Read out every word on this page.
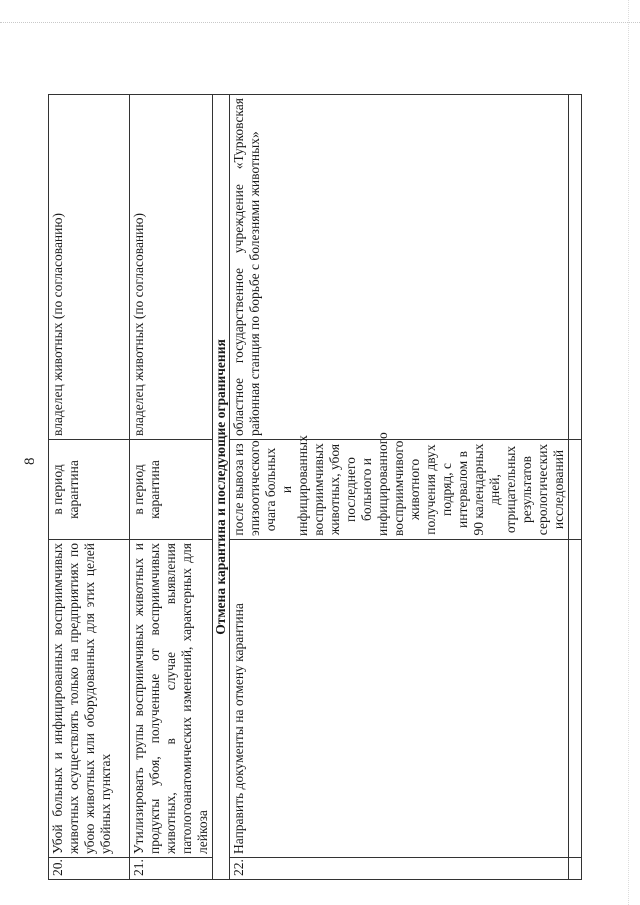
8
20.	Убой больных и инфицированных восприимчивых животных осуществлять только на предприятиях по убою животных или оборудованных для этих целей убойных пунктах	в период карантина	владелец животных (по согласованию)
21.	Утилизировать трупы восприимчивых животных и продукты убоя, полученные от восприимчивых животных, в случае выявления патологоанатомических изменений, характерных для лейкоза	в период карантина	владелец животных (по согласованию)
Отмена карантина и последующие ограничения			
22.	Направить документы на отмену карантина	после вывоза из эпизоотического очага больных и инфицированных восприимчивых животных, убоя последнего больного и инфицированного восприимчивого животного получения двух подряд, с интервалом в 90 календарных дней, отрицательных результатов серологических исследований	областное государственное учреждение «Турковская районная станция по борьбе с болезнями животных»
